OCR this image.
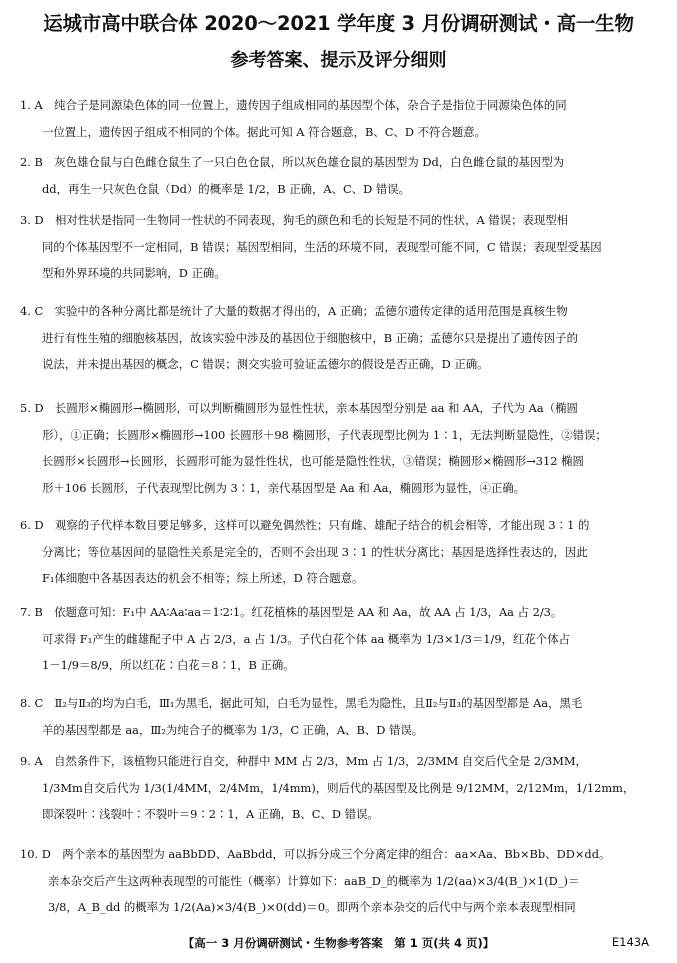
运城市高中联合体 2020～2021 学年度 3 月份调研测试・高一生物
参考答案、提示及评分细则
1. A　纯合子是同源染色体的同一位置上，遗传因子组成相同的基因型个体，杂合子是指位于同源染色体的同
一位置上，遗传因子组成不相同的个体。据此可知 A 符合题意，B、C、D 不符合题意。
2. B　灰色雄仓鼠与白色雌仓鼠生了一只白色仓鼠，所以灰色雄仓鼠的基因型为 Dd，白色雌仓鼠的基因型为
dd，再生一只灰色仓鼠（Dd）的概率是 1/2，B 正确，A、C、D 错误。
3. D　相对性状是指同一生物同一性状的不同表现，狗毛的颜色和毛的长短是不同的性状，A 错误；表现型相
同的个体基因型不一定相同，B 错误；基因型相同，生活的环境不同，表现型可能不同，C 错误；表现型受基因
型和外界环境的共同影响，D 正确。
4. C　实验中的各种分离比都是统计了大量的数据才得出的，A 正确；孟德尔遗传定律的适用范围是真核生物
进行有性生殖的细胞核基因，故该实验中涉及的基因位于细胞核中，B 正确；孟德尔只是提出了遗传因子的
说法，并未提出基因的概念，C 错误；测交实验可验证孟德尔的假设是否正确，D 正确。
5. D　长圆形×椭圆形→椭圆形，可以判断椭圆形为显性性状，亲本基因型分别是 aa 和 AA，子代为 Aa（椭圆
形），①正确；长圆形×椭圆形→100 长圆形＋98 椭圆形，子代表现型比例为 1∶1，无法判断显隐性，②错误；
长圆形×长圆形→长圆形，长圆形可能为显性性状，也可能是隐性性状，③错误；椭圆形×椭圆形→312 椭圆
形＋106 长圆形，子代表现型比例为 3∶1，亲代基因型是 Aa 和 Aa，椭圆形为显性，④正确。
6. D　观察的子代样本数目要足够多，这样可以避免偶然性；只有雌、雄配子结合的机会相等，才能出现 3∶1 的
分离比；等位基因间的显隐性关系是完全的，否则不会出现 3∶1 的性状分离比；基因是选择性表达的，因此
F₁体细胞中各基因表达的机会不相等；综上所述，D 符合题意。
7. B　依题意可知：F₁中 AA∶Aa∶aa＝1∶2∶1。红花植株的基因型是 AA 和 Aa，故 AA 占 1/3，Aa 占 2/3。
可求得 F₁产生的雌雄配子中 A 占 2/3，a 占 1/3。子代白花个体 aa 概率为 1/3×1/3＝1/9，红花个体占
1－1/9＝8/9，所以红花∶白花＝8∶1，B 正确。
8. C　Ⅱ₂与Ⅱ₃的均为白毛，Ⅲ₁为黑毛，据此可知，白毛为显性，黑毛为隐性，且Ⅱ₂与Ⅱ₃的基因型都是 Aa，黑毛
羊的基因型都是 aa，Ⅲ₂为纯合子的概率为 1/3，C 正确，A、B、D 错误。
9. A　自然条件下，该植物只能进行自交，种群中 MM 占 2/3，Mm 占 1/3，2/3MM 自交后代全是 2/3MM，
1/3Mm自交后代为 1/3(1/4MM，2/4Mm，1/4mm)，则后代的基因型及比例是 9/12MM，2/12Mm，1/12mm，
即深裂叶∶浅裂叶∶不裂叶＝9∶2∶1，A 正确，B、C、D 错误。
10. D　两个亲本的基因型为 aaBbDD、AaBbdd，可以拆分成三个分离定律的组合：aa×Aa、Bb×Bb、DD×dd。
亲本杂交后产生这两种表现型的可能性（概率）计算如下：aaB_D_的概率为 1/2(aa)×3/4(B_)×1(D_)＝
3/8，A_B_dd 的概率为 1/2(Aa)×3/4(B_)×0(dd)＝0。即两个亲本杂交的后代中与两个亲本表现型相同
【高一 3 月份调研测试・生物参考答案　第 1 页(共 4 页)】	E143A
